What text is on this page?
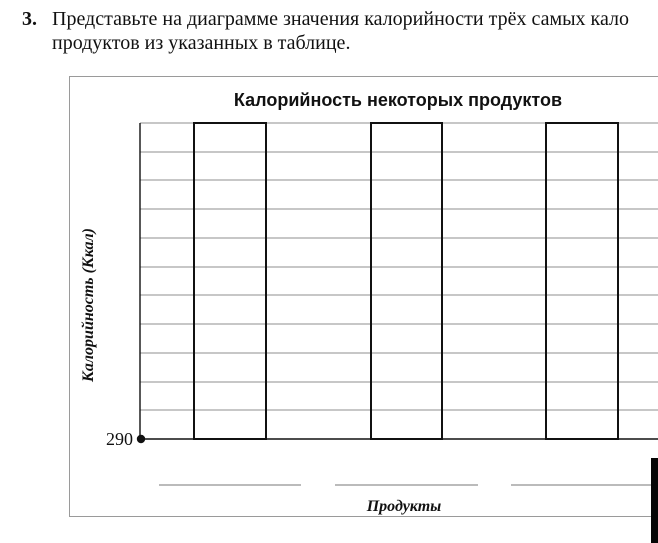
3. Представьте на диаграмме значения калорийности трёх самых кало
продуктов из указанных в таблице.
Калорийность некоторых продуктов
290
Калорийность (Ккал)
Продукты
